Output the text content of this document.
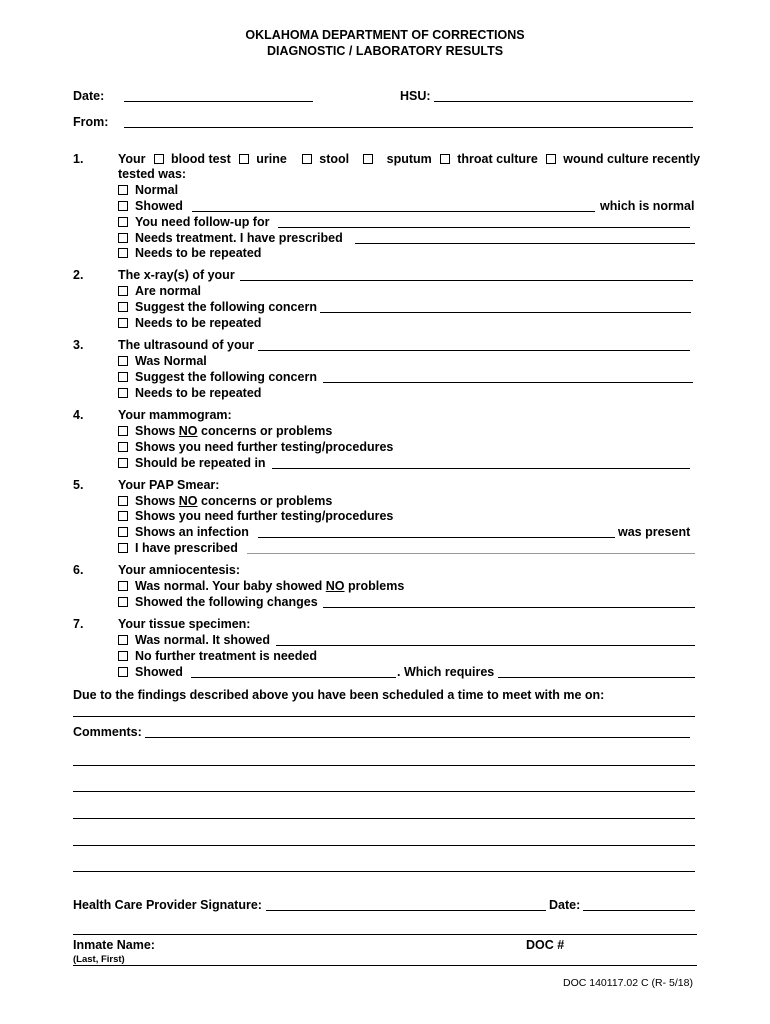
OKLAHOMA DEPARTMENT OF CORRECTIONS
DIAGNOSTIC / LABORATORY RESULTS
Date:	HSU:
From:
1.	Your blood test urine	stool	sputum throat culture wound culture recently
tested was:
Normal
Showed	which is normal
You need follow-up for
Needs treatment. I have prescribed
Needs to be repeated
2.	The x-ray(s) of your
Are normal
Suggest the following concern
Needs to be repeated
3.	The ultrasound of your
Was Normal
Suggest the following concern
Needs to be repeated
4.	Your mammogram:
Shows NO concerns or problems
Shows you need further testing/procedures
Should be repeated in
5.	Your PAP Smear:
Shows NO concerns or problems
Shows you need further testing/procedures
Shows an infection	was present
I have prescribed
6.	Your amniocentesis:
Was normal. Your baby showed NO problems
Showed the following changes
7.	Your tissue specimen:
Was normal. It showed
No further treatment is needed
Showed	. Which requires
Due to the findings described above you have been scheduled a time to meet with me on:
Comments:
Health Care Provider Signature:	Date:
Inmate Name:
(Last, First)
DOC #
DOC 140117.02 C (R- 5/18)
